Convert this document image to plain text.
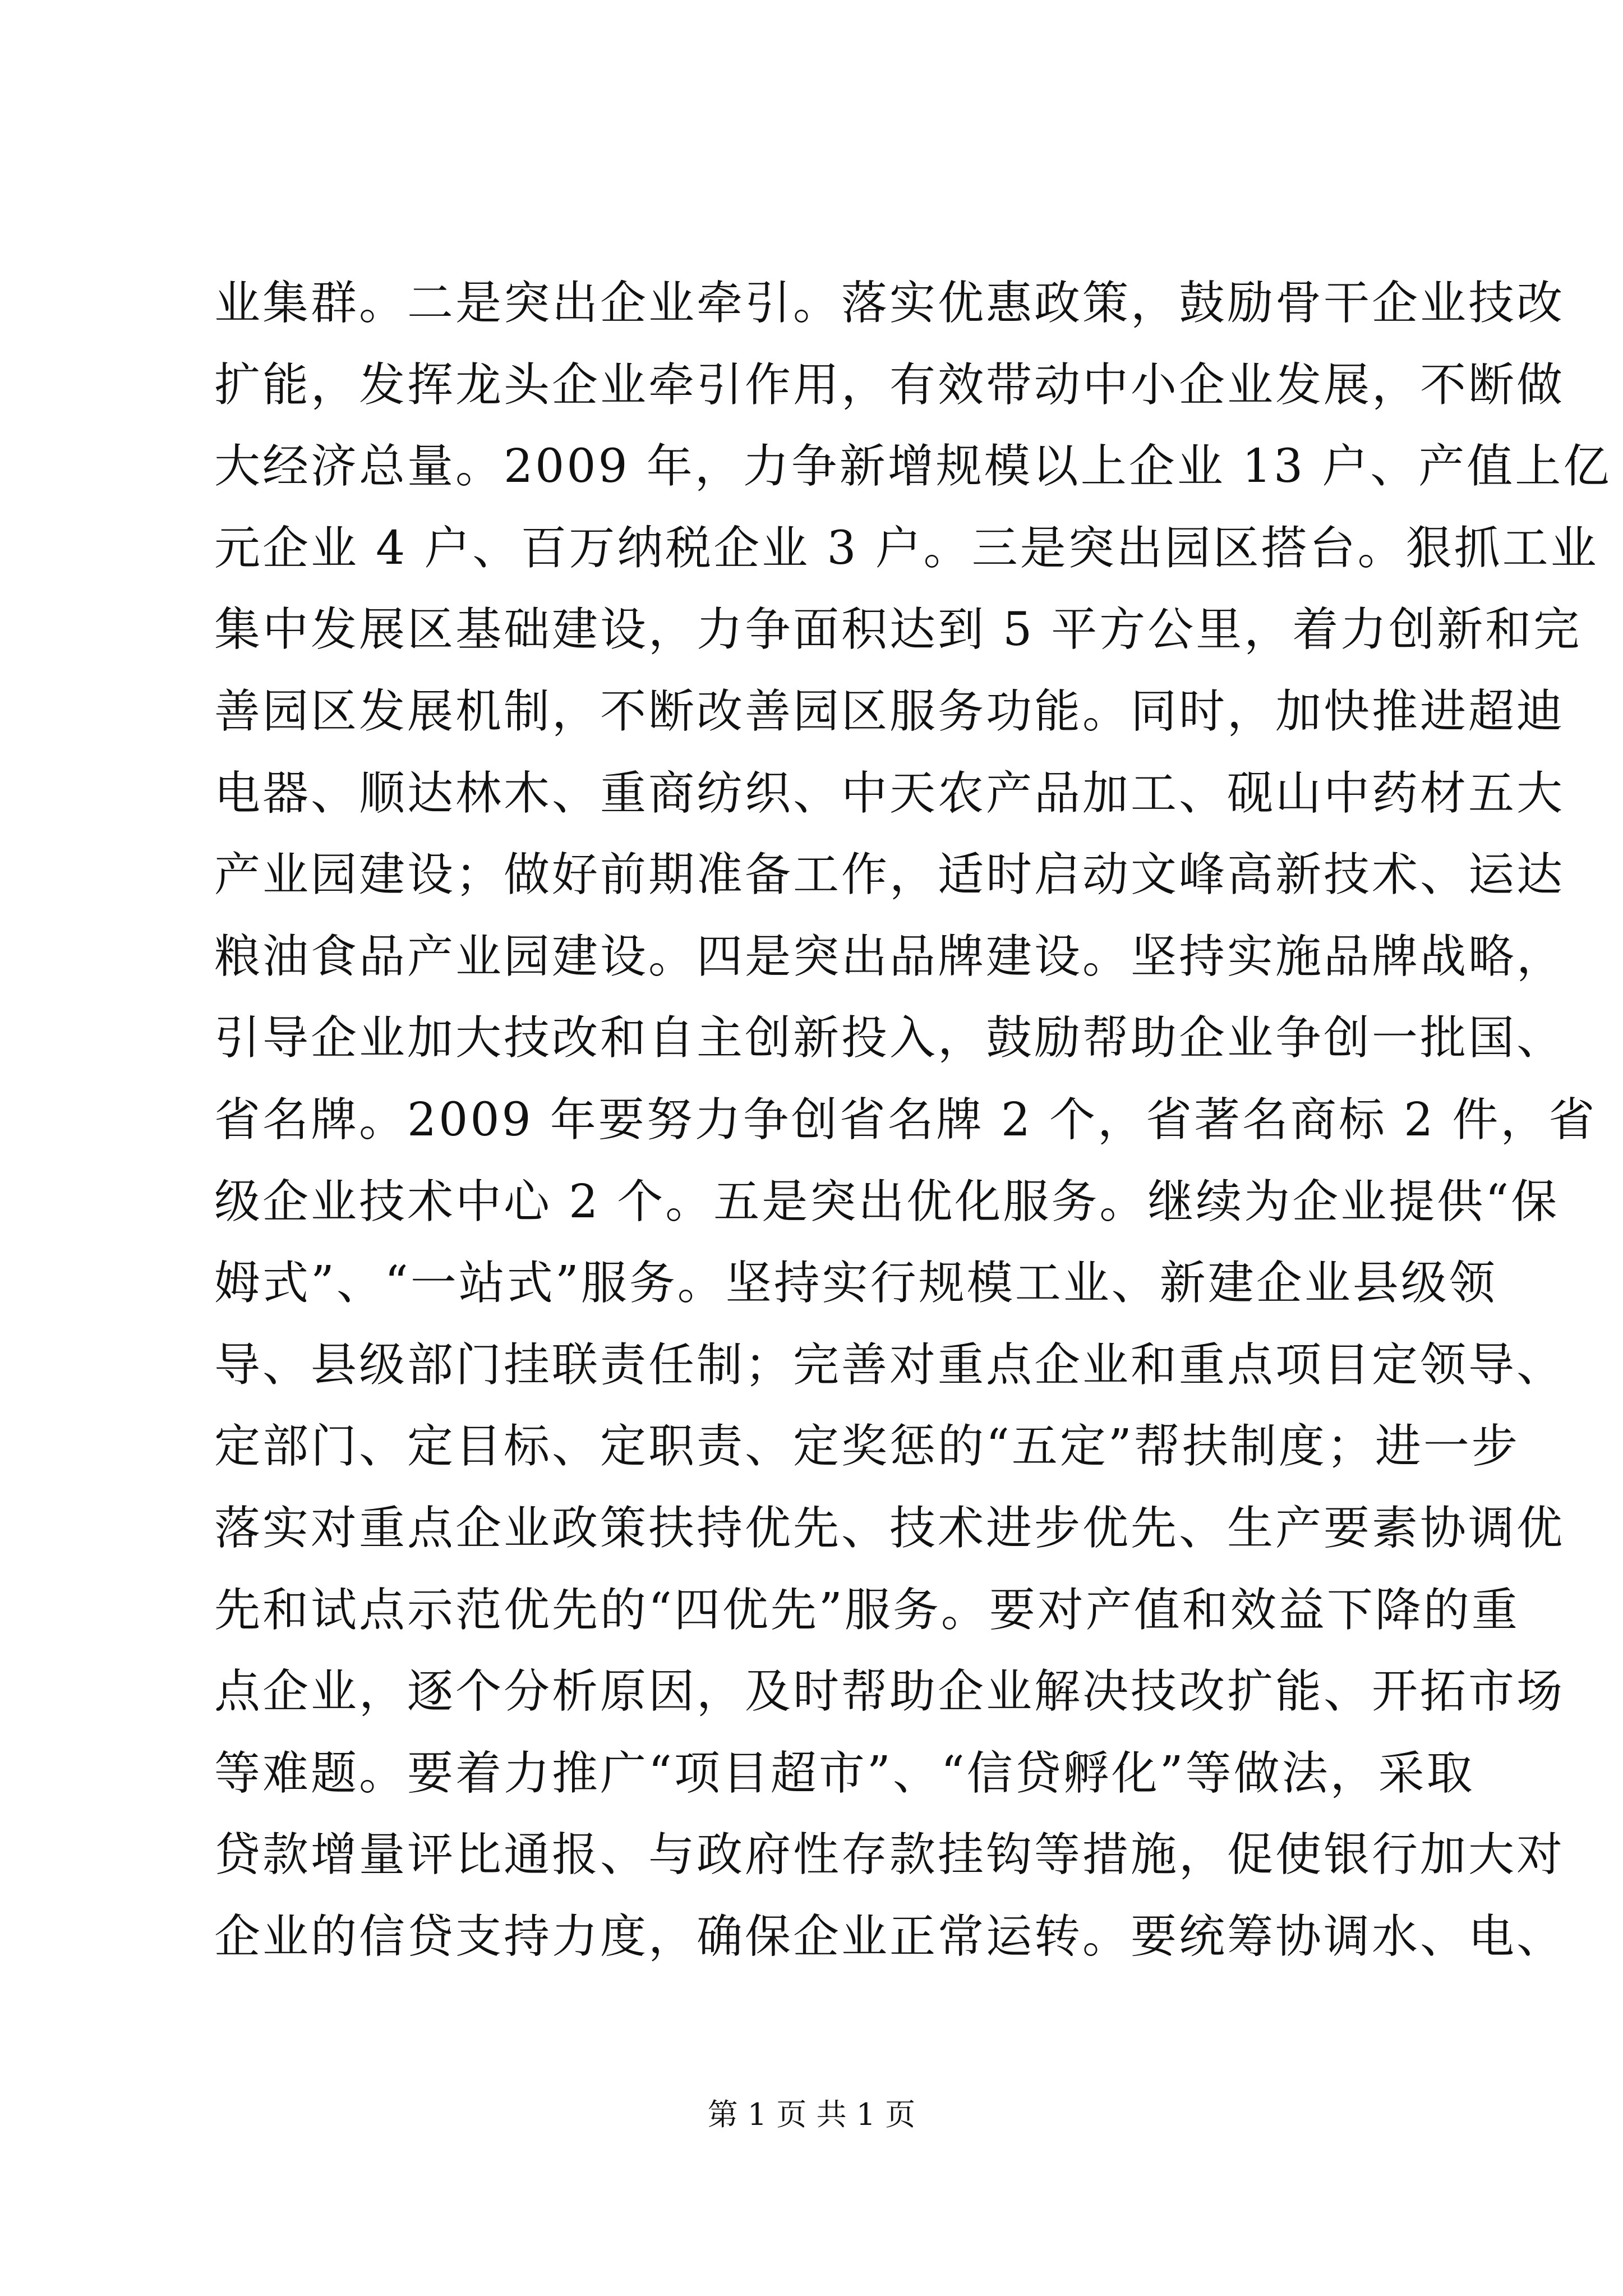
业集群。二是突出企业牵引。落实优惠政策，鼓励骨干企业技改
扩能，发挥龙头企业牵引作用，有效带动中小企业发展，不断做
大经济总量。2009 年，力争新增规模以上企业 13 户、产值上亿
元企业 4 户、百万纳税企业 3 户。三是突出园区搭台。狠抓工业
集中发展区基础建设，力争面积达到 5 平方公里，着力创新和完
善园区发展机制，不断改善园区服务功能。同时，加快推进超迪
电器、顺达林木、重商纺织、中天农产品加工、砚山中药材五大
产业园建设；做好前期准备工作，适时启动文峰高新技术、运达
粮油食品产业园建设。四是突出品牌建设。坚持实施品牌战略，
引导企业加大技改和自主创新投入，鼓励帮助企业争创一批国、
省名牌。2009 年要努力争创省名牌 2 个，省著名商标 2 件，省
级企业技术中心 2 个。五是突出优化服务。继续为企业提供“保
姆式”、“一站式”服务。坚持实行规模工业、新建企业县级领
导、县级部门挂联责任制；完善对重点企业和重点项目定领导、
定部门、定目标、定职责、定奖惩的“五定”帮扶制度；进一步
落实对重点企业政策扶持优先、技术进步优先、生产要素协调优
先和试点示范优先的“四优先”服务。要对产值和效益下降的重
点企业，逐个分析原因，及时帮助企业解决技改扩能、开拓市场
等难题。要着力推广“项目超市”、“信贷孵化”等做法，采取
贷款增量评比通报、与政府性存款挂钩等措施，促使银行加大对
企业的信贷支持力度，确保企业正常运转。要统筹协调水、电、
第 1 页 共 1 页
